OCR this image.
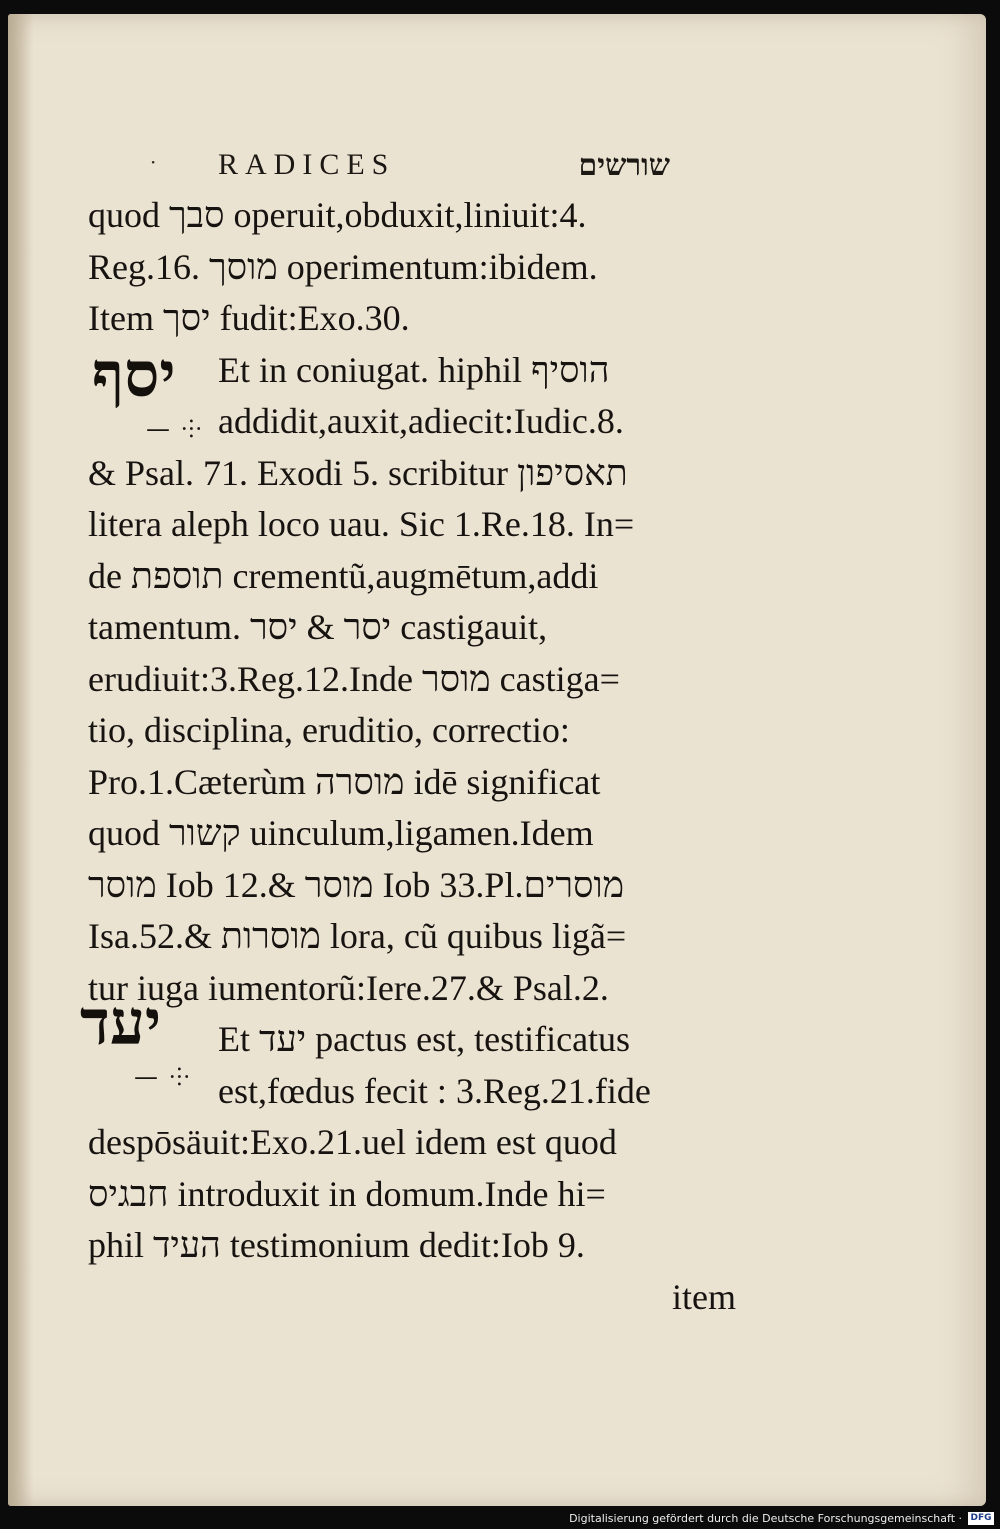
· RADICES	שורשים
יסף
— ⸭
יעד
— ⸭
quod סבך operuit,obduxit,liniuit:4.
Reg.16. מוסך operimentum:ibidem.
Item יסך fudit:Exo.30.
Et in coniugat. hiphil הוסיף
addidit,auxit,adiecit:Iudic.8.
& Psal. 71. Exodi 5. scribitur תאסיפון
litera aleph loco uau. Sic 1.Re.18. In=
de תוספת crementũ,augmētum,addi
tamentum. יסר & יסר castigauit,
erudiuit:3.Reg.12.Inde מוסר castiga=
tio, disciplina, eruditio, correctio:
Pro.1.Cæterùm מוסרה idē significat
quod קשור uinculum,ligamen.Idem
מוסר Iob 12.& מוסר Iob 33.Pl.מוסרים
Isa.52.& מוסרות lora, cũ quibus ligã=
tur iuga iumentorũ:Iere.27.& Psal.2.
Et יעד pactus est, testificatus
est,fœdus fecit : 3.Reg.21.fide
despōsäuit:Exo.21.uel idem est quod
חבגיס introduxit in domum.Inde hi=
phil העיד testimonium dedit:Iob 9.
item
Digitalisierung gefördert durch die Deutsche Forschungsgemeinschaft · DFG
